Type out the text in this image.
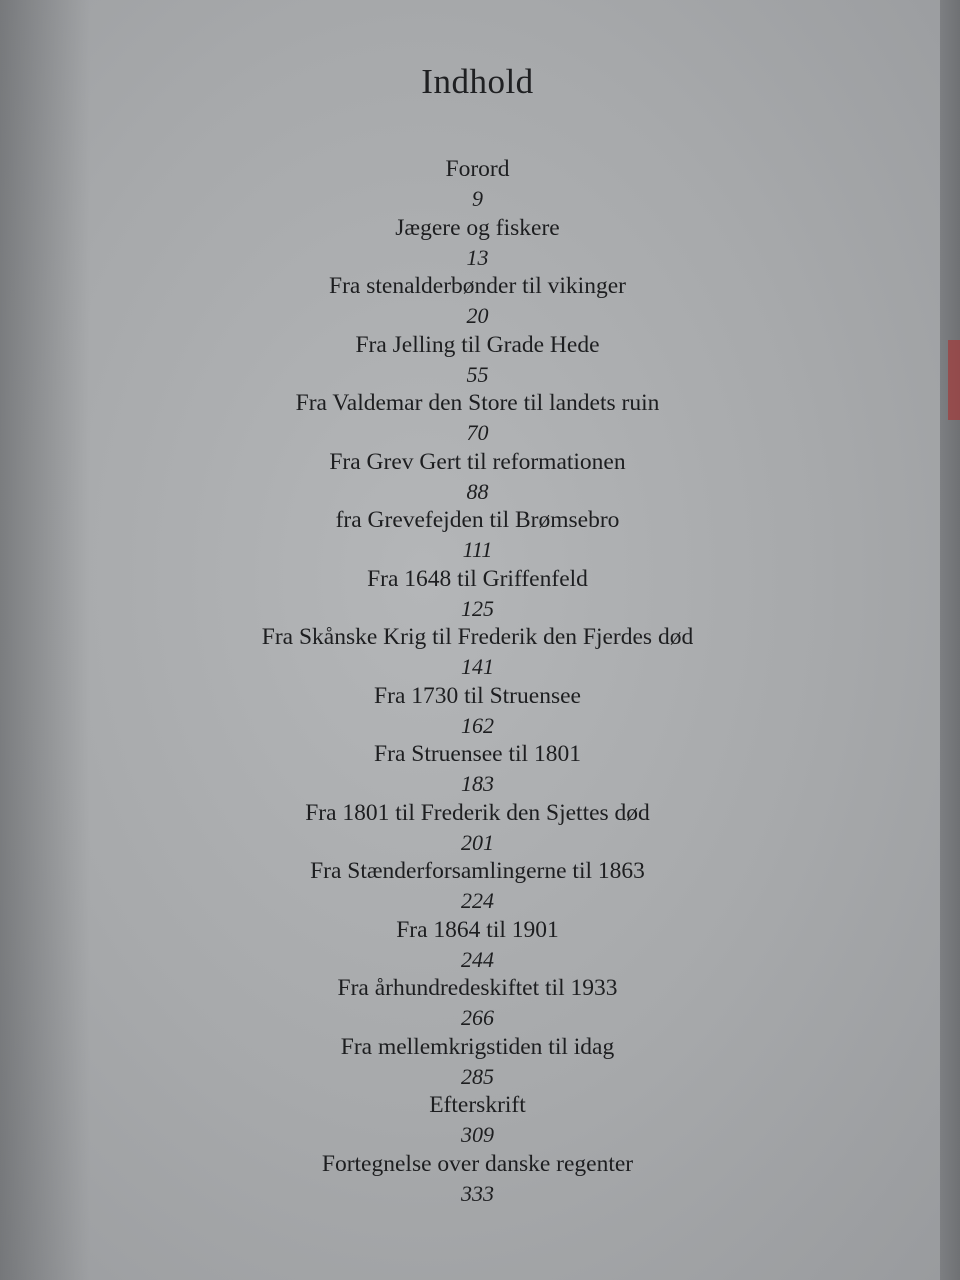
Indhold
Forord
9
Jægere og fiskere
13
Fra stenalderbønder til vikinger
20
Fra Jelling til Grade Hede
55
Fra Valdemar den Store til landets ruin
70
Fra Grev Gert til reformationen
88
fra Grevefejden til Brømsebro
111
Fra 1648 til Griffenfeld
125
Fra Skånske Krig til Frederik den Fjerdes død
141
Fra 1730 til Struensee
162
Fra Struensee til 1801
183
Fra 1801 til Frederik den Sjettes død
201
Fra Stænderforsamlingerne til 1863
224
Fra 1864 til 1901
244
Fra århundredeskiftet til 1933
266
Fra mellemkrigstiden til idag
285
Efterskrift
309
Fortegnelse over danske regenter
333
